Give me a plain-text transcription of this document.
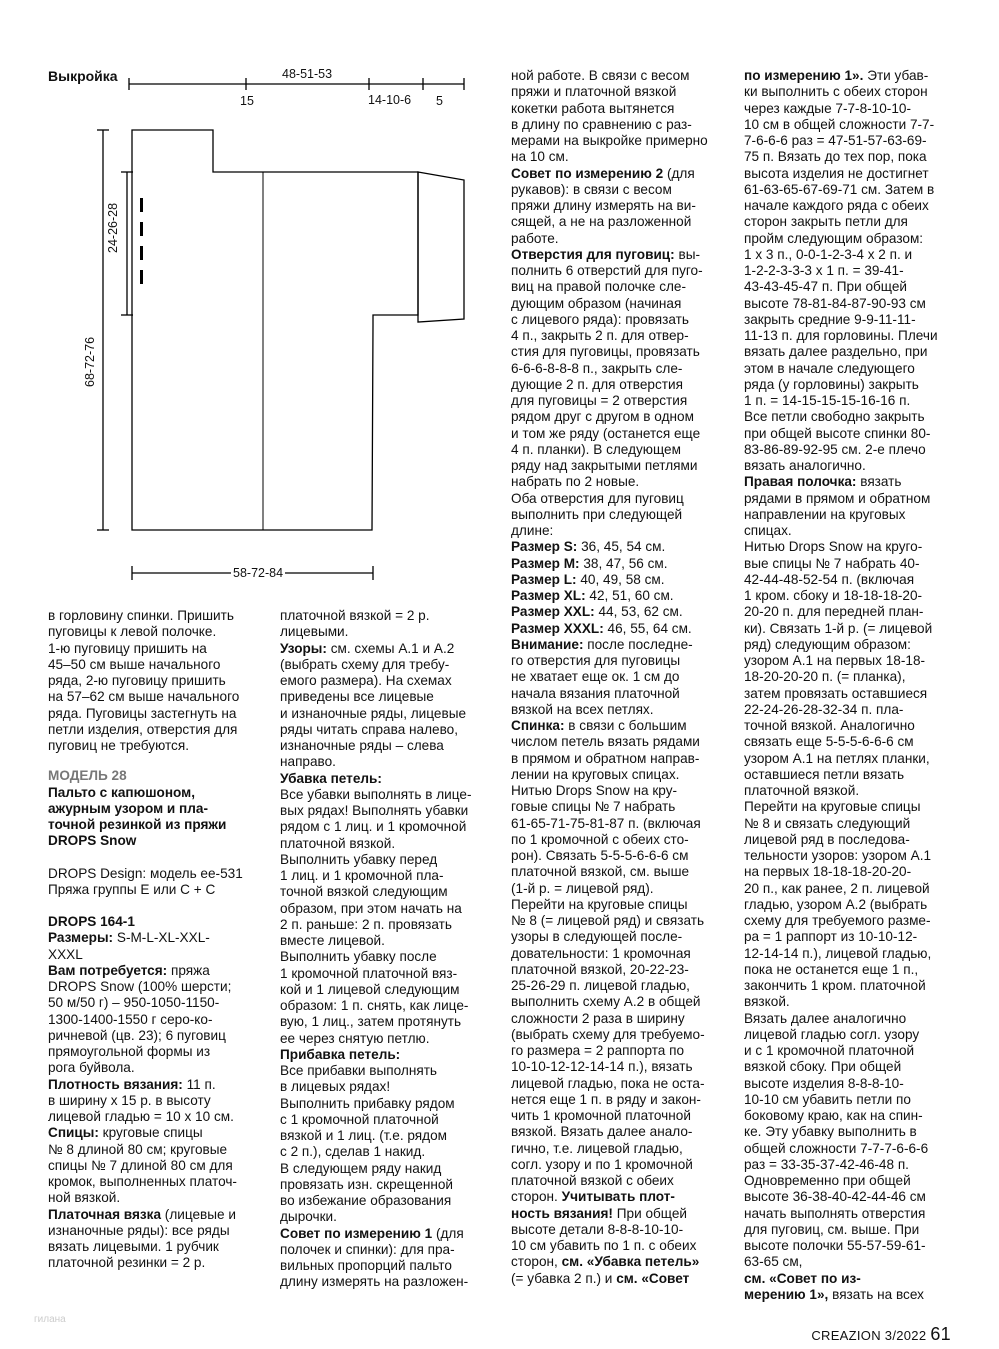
Выкройка	48-51-53
15	14-10-6 5
24-26-28
68-72-76
58-72-84

в горловину спинки. Пришить

пуговицы к левой полочке.

1-ю пуговицу пришить на

45–50 см выше начального

ряда, 2-ю пуговицу пришить

на 57–62 см выше начального

ряда. Пуговицы застегнуть на

петли изделия, отверстия для

пуговиц не требуются.

МОДЕЛЬ 28

Пальто с капюшоном,

ажурным узором и пла-

точной резинкой из пряжи

DROPS Snow

DROPS Design: модель ee-531

Пряжа группы E или C + C

DROPS 164-1

Размеры: S-M-L-XL-XXL-

XXXL

Вам потребуется: пряжа

DROPS Snow (100% шерсти;

50 м/50 г) – 950-1050-1150-

1300-1400-1550 г серо-ко-

ричневой (цв. 23); 6 пуговиц

прямоугольной формы из

рога буйвола.

Плотность вязания: 11 п.

в ширину х 15 р. в высоту

лицевой гладью = 10 х 10 см.

Спицы: круговые спицы

№ 8 длиной 80 см; круговые

спицы № 7 длиной 80 см для

кромок, выполненных платоч-

ной вязкой.

Платочная вязка (лицевые и

изнаночные ряды): все ряды

вязать лицевыми. 1 рубчик

платочной резинки = 2 р.

платочной вязкой = 2 р.

лицевыми.

Узоры: см. схемы A.1 и A.2

(выбрать схему для требу-

емого размера). На схемах

приведены все лицевые

и изнаночные ряды, лицевые

ряды читать справа налево,

изнаночные ряды – слева

направо.

Убавка петель:

Все убавки выполнять в лице-

вых рядах! Выполнять убавки

рядом с 1 лиц. и 1 кромочной

платочной вязкой.

Выполнить убавку перед

1 лиц. и 1 кромочной пла-

точной вязкой следующим

образом, при этом начать на

2 п. раньше: 2 п. провязать

вместе лицевой.

Выполнить убавку после

1 кромочной платочной вяз-

кой и 1 лицевой следующим

образом: 1 п. снять, как лице-

вую, 1 лиц., затем протянуть

ее через снятую петлю.

Прибавка петель:

Все прибавки выполнять

в лицевых рядах!

Выполнить прибавку рядом

с 1 кромочной платочной

вязкой и 1 лиц. (т.е. рядом

с 2 п.), сделав 1 накид.

В следующем ряду накид

провязать изн. скрещенной

во избежание образования

дырочки.

Совет по измерению 1 (для

полочек и спинки): для пра-

вильных пропорций пальто

длину измерять на разложен-

ной работе. В связи с весом

пряжи и платочной вязкой

кокетки работа вытянется

в длину по сравнению с раз-

мерами на выкройке примерно

на 10 см.

Совет по измерению 2 (для

рукавов): в связи с весом

пряжи длину измерять на ви-

сящей, а не на разложенной

работе.

Отверстия для пуговиц: вы-

полнить 6 отверстий для пуго-

виц на правой полочке сле-

дующим образом (начиная

с лицевого ряда): провязать

4 п., закрыть 2 п. для отвер-

стия для пуговицы, провязать

6-6-6-8-8-8 п., закрыть сле-

дующие 2 п. для отверстия

для пуговицы = 2 отверстия

рядом друг с другом в одном

и том же ряду (останется еще

4 п. планки). В следующем

ряду над закрытыми петлями

набрать по 2 новые.

Оба отверстия для пуговиц

выполнить при следующей

длине:

Размер S: 36, 45, 54 см.

Размер M: 38, 47, 56 см.

Размер L: 40, 49, 58 см.

Размер XL: 42, 51, 60 см.

Размер XXL: 44, 53, 62 см.

Размер XXXL: 46, 55, 64 см.

Внимание: после последне-

го отверстия для пуговицы

не хватает еще ок. 1 см до

начала вязания платочной

вязкой на всех петлях.

Спинка: в связи с большим

числом петель вязать рядами

в прямом и обратном направ-

лении на круговых спицах.

Нитью Drops Snow на кру-

говые спицы № 7 набрать

61-65-71-75-81-87 п. (включая

по 1 кромочной с обеих сто-

рон). Связать 5-5-5-6-6-6 см

платочной вязкой, см. выше

(1-й р. = лицевой ряд).

Перейти на круговые спицы

№ 8 (= лицевой ряд) и связать

узоры в следующей после-

довательности: 1 кромочная

платочной вязкой, 20-22-23-

25-26-29 п. лицевой гладью,

выполнить схему A.2 в общей

сложности 2 раза в ширину

(выбрать схему для требуемо-

го размера = 2 раппорта по

10-10-12-12-14-14 п.), вязать

лицевой гладью, пока не оста-

нется еще 1 п. в ряду и закон-

чить 1 кромочной платочной

вязкой. Вязать далее анало-

гично, т.е. лицевой гладью,

согл. узору и по 1 кромочной

платочной вязкой с обеих

сторон. Учитывать плот-

ность вязания! При общей

высоте детали 8-8-8-10-10-

10 см убавить по 1 п. с обеих

сторон, см. «Убавка петель»

(= убавка 2 п.) и см. «Совет

по измерению 1». Эти убав-

ки выполнить с обеих сторон

через каждые 7-7-8-10-10-

10 см в общей сложности 7-7-

7-6-6-6 раз = 47-51-57-63-69-

75 п. Вязать до тех пор, пока

высота изделия не достигнет

61-63-65-67-69-71 см. Затем в

начале каждого ряда с обеих

сторон закрыть петли для

пройм следующим образом:

1 х 3 п., 0-0-1-2-3-4 х 2 п. и

1-2-2-3-3-3 х 1 п. = 39-41-

43-43-45-47 п. При общей

высоте 78-81-84-87-90-93 см

закрыть средние 9-9-11-11-

11-13 п. для горловины. Плечи

вязать далее раздельно, при

этом в начале следующего

ряда (у горловины) закрыть

1 п. = 14-15-15-15-16-16 п.

Все петли свободно закрыть

при общей высоте спинки 80-

83-86-89-92-95 см. 2-е плечо

вязать аналогично.

Правая полочка: вязать

рядами в прямом и обратном

направлении на круговых

спицах.

Нитью Drops Snow на круго-

вые спицы № 7 набрать 40-

42-44-48-52-54 п. (включая

1 кром. сбоку и 18-18-18-20-

20-20 п. для передней план-

ки). Связать 1-й р. (= лицевой

ряд) следующим образом:

узором A.1 на первых 18-18-

18-20-20-20 п. (= планка),

затем провязать оставшиеся

22-24-26-28-32-34 п. пла-

точной вязкой. Аналогично

связать еще 5-5-5-6-6-6 см

узором A.1 на петлях планки,

оставшиеся петли вязать

платочной вязкой.

Перейти на круговые спицы

№ 8 и связать следующий

лицевой ряд в последова-

тельности узоров: узором A.1

на первых 18-18-18-20-20-

20 п., как ранее, 2 п. лицевой

гладью, узором A.2 (выбрать

схему для требуемого разме-

ра = 1 раппорт из 10-10-12-

12-14-14 п.), лицевой гладью,

пока не останется еще 1 п.,

закончить 1 кром. платочной

вязкой.

Вязать далее аналогично

лицевой гладью согл. узору

и с 1 кромочной платочной

вязкой сбоку. При общей

высоте изделия 8-8-8-10-

10-10 см убавить петли по

боковому краю, как на спин-

ке. Эту убавку выполнить в

общей сложности 7-7-7-6-6-6

раз = 33-35-37-42-46-48 п.

Одновременно при общей

высоте 36-38-40-42-44-46 см

начать выполнять отверстия

для пуговиц, см. выше. При

высоте полочки 55-57-59-61-

63-65 см,

см. «Совет по из-

мерению 1», вязать на всех

гилана
CREAZION 3/2022 61
